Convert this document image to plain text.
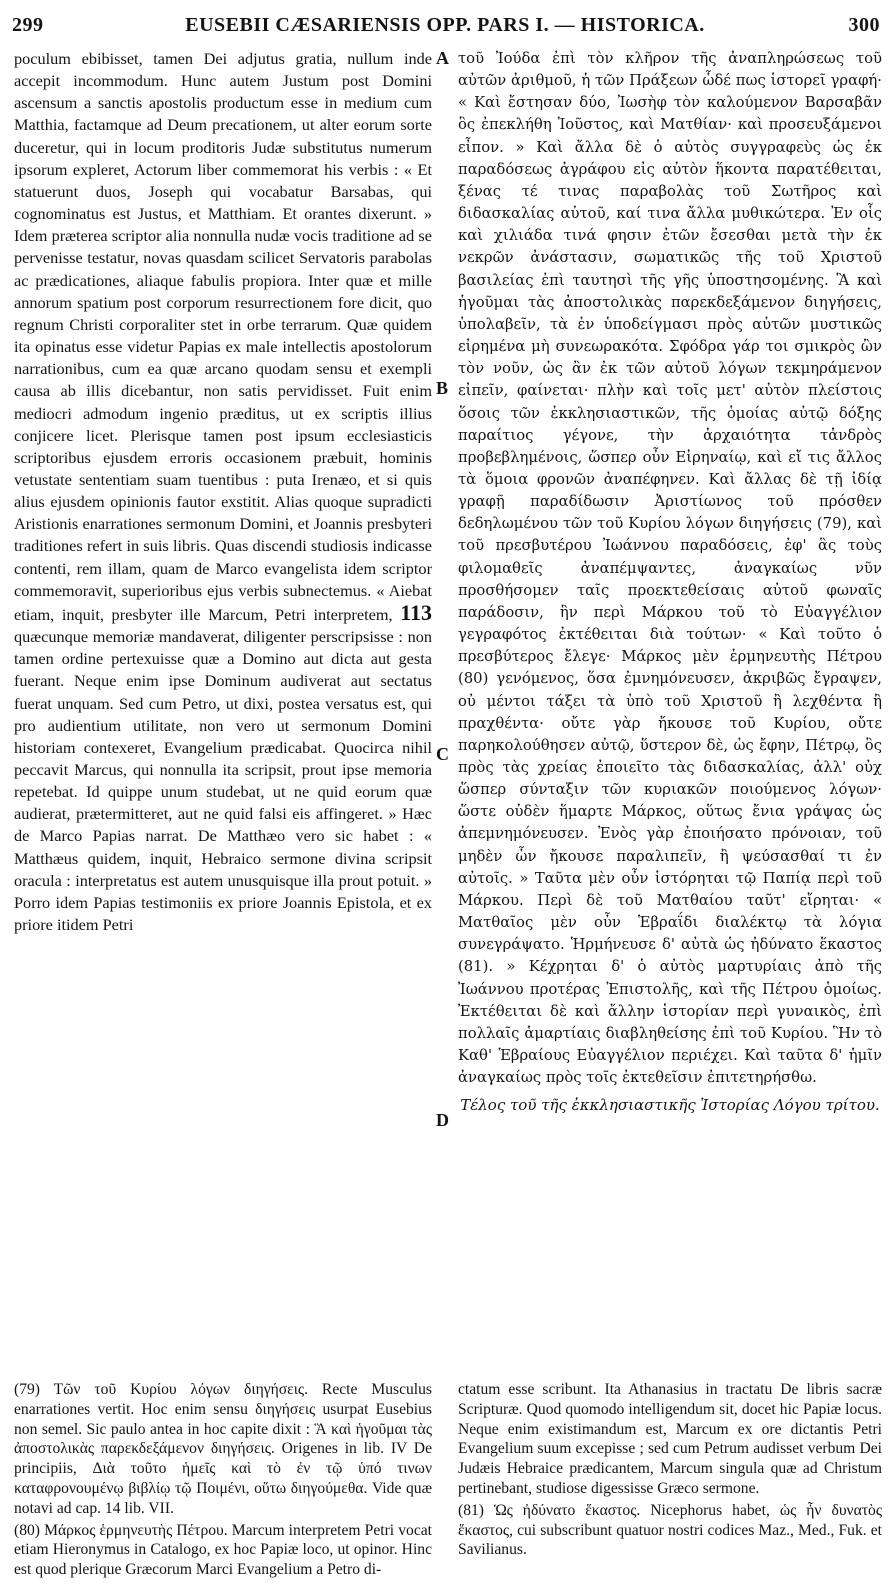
299	EUSEBII CÆSARIENSIS OPP. PARS I. — HISTORICA.	300

poculum ebibisset, tamen Dei adjutus gratia, nullum inde accepit incommodum. Hunc autem Justum post Domini ascensum a sanctis apostolis productum esse in medium cum Matthia, factamque ad Deum precationem, ut alter eorum sorte duceretur, qui in locum proditoris Judæ substitutus numerum ipsorum expleret, Actorum liber commemorat his verbis : « Et statuerunt duos, Joseph qui vocabatur Barsabas, qui cognominatus est Justus, et Matthiam. Et orantes dixerunt. » Idem præterea scriptor alia nonnulla nudæ vocis traditione ad se pervenisse testatur, novas quasdam scilicet Servatoris parabolas ac prædicationes, aliaque fabulis propiora. Inter quæ et mille annorum spatium post corporum resurrectionem fore dicit, quo regnum Christi corporaliter stet in orbe terrarum. Quæ quidem ita opinatus esse videtur Papias ex male intellectis apostolorum narrationibus, cum ea quæ arcano quodam sensu et exempli causa ab illis dicebantur, non satis pervidisset. Fuit enim mediocri admodum ingenio præditus, ut ex scriptis illius conjicere licet. Plerisque tamen post ipsum ecclesiasticis scriptoribus ejusdem erroris occasionem præbuit, hominis vetustate sententiam suam tuentibus : puta Irenæo, et si quis alius ejusdem opinionis fautor exstitit. Alias quoque supradicti Aristionis enarrationes sermonum Domini, et Joannis presbyteri traditiones refert in suis libris. Quas discendi studiosis indicasse contenti, rem illam, quam de Marco evangelista idem scriptor commemoravit, superioribus ejus verbis subnectemus. « Aiebat etiam, inquit, presbyter ille Marcum, Petri interpretem, 113 quæcunque memoriæ mandaverat, diligenter perscripsisse : non tamen ordine pertexuisse quæ a Domino aut dicta aut gesta fuerant. Neque enim ipse Dominum audiverat aut sectatus fuerat unquam. Sed cum Petro, ut dixi, postea versatus est, qui pro audientium utilitate, non vero ut sermonum Domini historiam contexeret, Evangelium prædicabat. Quocirca nihil peccavit Marcus, qui nonnulla ita scripsit, prout ipse memoria repetebat. Id quippe unum studebat, ut ne quid eorum quæ audierat, prætermitteret, aut ne quid falsi eis affingeret. » Hæc de Marco Papias narrat. De Matthæo vero sic habet : « Matthæus quidem, inquit, Hebraico sermone divina scripsit oracula : interpretatus est autem unusquisque illa prout potuit. » Porro idem Papias testimoniis ex priore Joannis Epistola, et ex priore itidem Petri

A
B
C
D

τοῦ Ἰούδα ἐπὶ τὸν κλῆρον τῆς ἀναπληρώσεως τοῦ αὐτῶν ἀριθμοῦ, ἡ τῶν Πράξεων ὧδέ πως ἱστορεῖ γραφή· « Καὶ ἔστησαν δύο, Ἰωσὴφ τὸν καλούμενον Βαρσαβᾶν ὃς ἐπεκλήθη Ἰοῦστος, καὶ Ματθίαν· καὶ προσευξάμενοι εἶπον. » Καὶ ἄλλα δὲ ὁ αὐτὸς συγγραφεὺς ὡς ἐκ παραδόσεως ἀγράφου εἰς αὐτὸν ἥκοντα παρατέθειται, ξένας τέ τινας παραβολὰς τοῦ Σωτῆρος καὶ διδασκαλίας αὐτοῦ, καί τινα ἄλλα μυθικώτερα. Ἐν οἷς καὶ χιλιάδα τινά φησιν ἐτῶν ἔσεσθαι μετὰ τὴν ἐκ νεκρῶν ἀνάστασιν, σωματικῶς τῆς τοῦ Χριστοῦ βασιλείας ἐπὶ ταυτησὶ τῆς γῆς ὑποστησομένης. Ἃ καὶ ἡγοῦμαι τὰς ἀποστολικὰς παρεκδεξάμενον διηγήσεις, ὑπολαβεῖν, τὰ ἐν ὑποδείγμασι πρὸς αὐτῶν μυστικῶς εἰρημένα μὴ συνεωρακότα. Σφόδρα γάρ τοι σμικρὸς ὢν τὸν νοῦν, ὡς ἂν ἐκ τῶν αὐτοῦ λόγων τεκμηράμενον εἰπεῖν, φαίνεται· πλὴν καὶ τοῖς μετ' αὐτὸν πλείστοις ὅσοις τῶν ἐκκλησιαστικῶν, τῆς ὁμοίας αὐτῷ δόξης παραίτιος γέγονε, τὴν ἀρχαιότητα τἀνδρὸς προβεβλημένοις, ὥσπερ οὖν Εἰρηναίῳ, καὶ εἴ τις ἄλλος τὰ ὅμοια φρονῶν ἀναπέφηνεν. Καὶ ἄλλας δὲ τῇ ἰδίᾳ γραφῇ παραδίδωσιν Ἀριστίωνος τοῦ πρόσθεν δεδηλωμένου τῶν τοῦ Κυρίου λόγων διηγήσεις (79), καὶ τοῦ πρεσβυτέρου Ἰωάννου παραδόσεις, ἐφ' ἃς τοὺς φιλομαθεῖς ἀναπέμψαντες, ἀναγκαίως νῦν προσθήσομεν ταῖς προεκτεθείσαις αὐτοῦ φωναῖς παράδοσιν, ἣν περὶ Μάρκου τοῦ τὸ Εὐαγγέλιον γεγραφότος ἐκτέθειται διὰ τούτων· « Καὶ τοῦτο ὁ πρεσβύτερος ἔλεγε· Μάρκος μὲν ἑρμηνευτὴς Πέτρου (80) γενόμενος, ὅσα ἐμνημόνευσεν, ἀκριβῶς ἔγραψεν, οὐ μέντοι τάξει τὰ ὑπὸ τοῦ Χριστοῦ ἢ λεχθέντα ἢ πραχθέντα· οὔτε γὰρ ἤκουσε τοῦ Κυρίου, οὔτε παρηκολούθησεν αὐτῷ, ὕστερον δὲ, ὡς ἔφην, Πέτρῳ, ὃς πρὸς τὰς χρείας ἐποιεῖτο τὰς διδασκαλίας, ἀλλ' οὐχ ὥσπερ σύνταξιν τῶν κυριακῶν ποιούμενος λόγων· ὥστε οὐδὲν ἥμαρτε Μάρκος, οὕτως ἔνια γράψας ὡς ἀπεμνημόνευσεν. Ἑνὸς γὰρ ἐποιήσατο πρόνοιαν, τοῦ μηδὲν ὧν ἤκουσε παραλιπεῖν, ἢ ψεύσασθαί τι ἐν αὐτοῖς. » Ταῦτα μὲν οὖν ἱστόρηται τῷ Παπίᾳ περὶ τοῦ Μάρκου. Περὶ δὲ τοῦ Ματθαίου ταῦτ' εἴρηται· « Ματθαῖος μὲν οὖν Ἑβραΐδι διαλέκτῳ τὰ λόγια συνεγράψατο. Ἡρμήνευσε δ' αὐτὰ ὡς ἠδύνατο ἕκαστος (81). » Κέχρηται δ' ὁ αὐτὸς μαρτυρίαις ἀπὸ τῆς Ἰωάννου προτέρας Ἐπιστολῆς, καὶ τῆς Πέτρου ὁμοίως. Ἐκτέθειται δὲ καὶ ἄλλην ἱστορίαν περὶ γυναικὸς, ἐπὶ πολλαῖς ἁμαρτίαις διαβληθείσης ἐπὶ τοῦ Κυρίου. Ἣν τὸ Καθ' Ἑβραίους Εὐαγγέλιον περιέχει. Καὶ ταῦτα δ' ἡμῖν ἀναγκαίως πρὸς τοῖς ἐκτεθεῖσιν ἐπιτετηρήσθω.

Τέλος τοῦ τῆς ἐκκλησιαστικῆς Ἱστορίας Λόγου τρίτου.

(79) Τῶν τοῦ Κυρίου λόγων διηγήσεις. Recte Musculus enarrationes vertit. Hoc enim sensu διηγήσεις usurpat Eusebius non semel. Sic paulo antea in hoc capite dixit : Ἃ καὶ ἡγοῦμαι τὰς ἀποστολικὰς παρεκδεξάμενον διηγήσεις. Origenes in lib. IV De principiis, Διὰ τοῦτο ἡμεῖς καὶ τὸ ἐν τῷ ὑπό τινων καταφρονουμένῳ βιβλίῳ τῷ Ποιμένι, οὕτω διηγούμεθα. Vide quæ notavi ad cap. 14 lib. VII.

(80) Μάρκος ἑρμηνευτὴς Πέτρου. Marcum interpretem Petri vocat etiam Hieronymus in Catalogo, ex hoc Papiæ loco, ut opinor. Hinc est quod plerique Græcorum Marci Evangelium a Petro di-

ctatum esse scribunt. Ita Athanasius in tractatu De libris sacræ Scripturæ. Quod quomodo intelligendum sit, docet hic Papiæ locus. Neque enim existimandum est, Marcum ex ore dictantis Petri Evangelium suum excepisse ; sed cum Petrum audisset verbum Dei Judæis Hebraice prædicantem, Marcum singula quæ ad Christum pertinebant, studiose digessisse Græco sermone.

(81) Ὡς ἠδύνατο ἕκαστος. Nicephorus habet, ὡς ἦν δυνατὸς ἕκαστος, cui subscribunt quatuor nostri codices Maz., Med., Fuk. et Savilianus.
